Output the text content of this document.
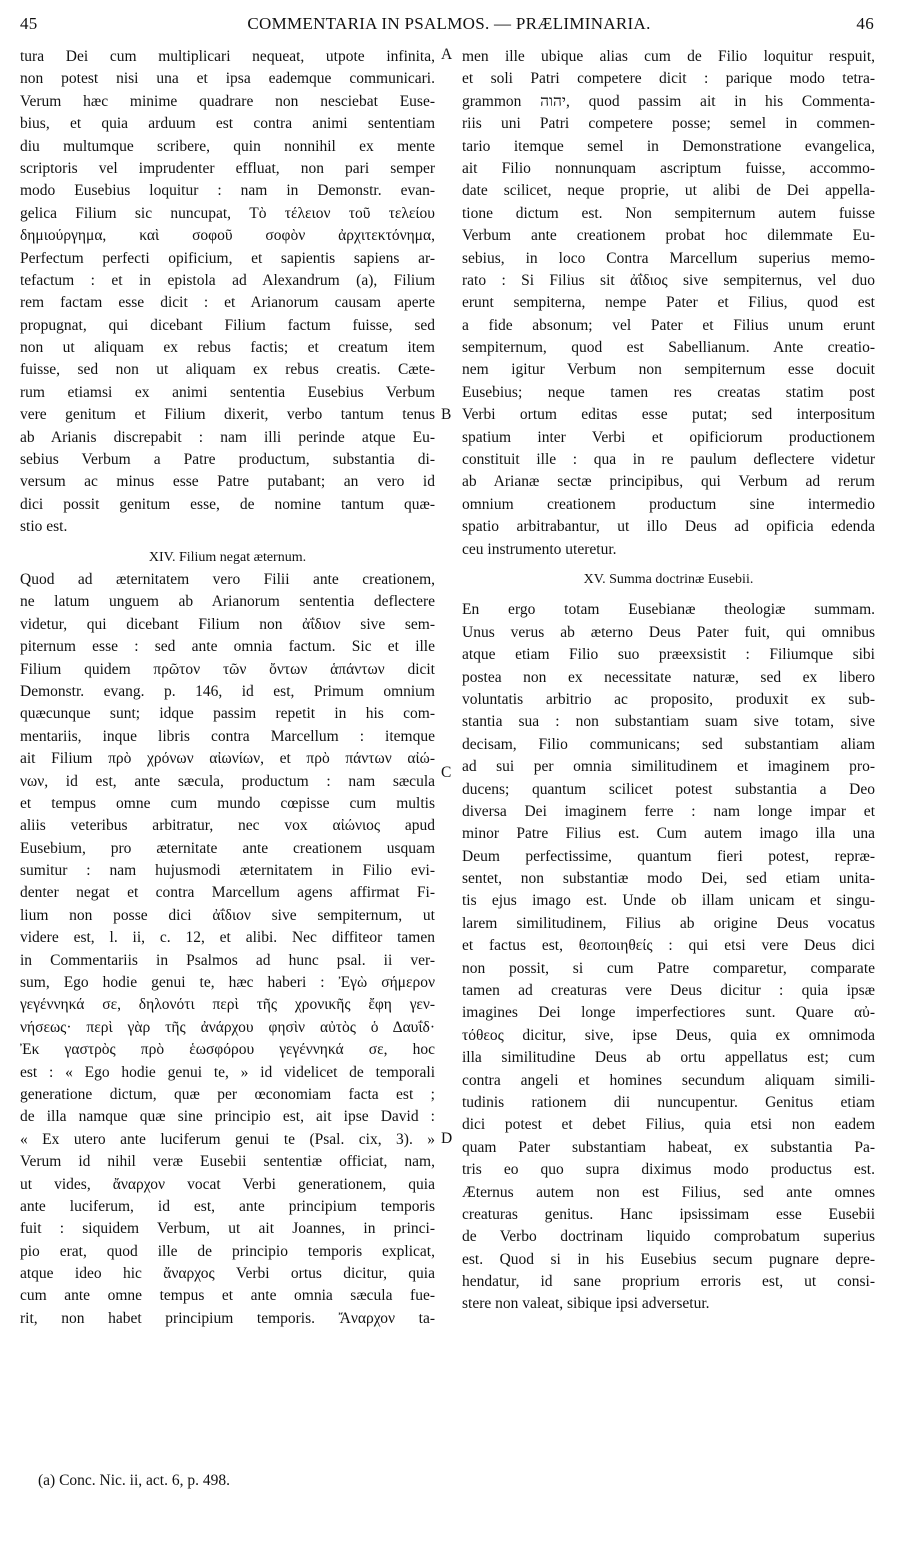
45	COMMENTARIA IN PSALMOS. — PRÆLIMINARIA.	46
tura Dei cum multiplicari nequeat, utpote infinita,
non potest nisi una et ipsa eademque communicari.
Verum hæc minime quadrare non nesciebat Euse-
bius, et quia arduum est contra animi sententiam
diu multumque scribere, quin nonnihil ex mente
scriptoris vel imprudenter effluat, non pari semper
modo Eusebius loquitur : nam in Demonstr. evan-
gelica Filium sic nuncupat, Τὸ τέλειον τοῦ τελείου
δημιούργημα, καὶ σοφοῦ σοφὸν ἀρχιτεκτόνημα,
Perfectum perfecti opificium, et sapientis sapiens ar-
tefactum : et in epistola ad Alexandrum (a), Filium
rem factam esse dicit : et Arianorum causam aperte
propugnat, qui dicebant Filium factum fuisse, sed
non ut aliquam ex rebus factis; et creatum item
fuisse, sed non ut aliquam ex rebus creatis. Cæte-
rum etiamsi ex animi sententia Eusebius Verbum
vere genitum et Filium dixerit, verbo tantum tenus
ab Arianis discrepabit : nam illi perinde atque Eu-
sebius Verbum a Patre productum, substantia di-
versum ac minus esse Patre putabant; an vero id
dici possit genitum esse, de nomine tantum quæ-
stio est.
XIV. Filium negat æternum.
Quod ad æternitatem vero Filii ante creationem,
ne latum unguem ab Arianorum sententia deflectere
videtur, qui dicebant Filium non ἀΐδιον sive sem-
piternum esse : sed ante omnia factum. Sic et ille
Filium quidem πρῶτον τῶν ὄντων ἁπάντων dicit
Demonstr. evang. p. 146, id est, Primum omnium
quæcunque sunt; idque passim repetit in his com-
mentariis, inque libris contra Marcellum : itemque
ait Filium πρὸ χρόνων αἰωνίων, et πρὸ πάντων αἰώ-
νων, id est, ante sæcula, productum : nam sæcula
et tempus omne cum mundo cœpisse cum multis
aliis veteribus arbitratur, nec vox αἰώνιος apud
Eusebium, pro æternitate ante creationem usquam
sumitur : nam hujusmodi æternitatem in Filio evi-
denter negat et contra Marcellum agens affirmat Fi-
lium non posse dici ἀΐδιον sive sempiternum, ut
videre est, l. ii, c. 12, et alibi. Nec diffiteor tamen
in Commentariis in Psalmos ad hunc psal. ii ver-
sum, Ego hodie genui te, hæc haberi : Ἐγὼ σήμερον
γεγέννηκά σε, δηλονότι περὶ τῆς χρονικῆς ἔφη γεν-
νήσεως· περὶ γὰρ τῆς ἀνάρχου φησὶν αὐτὸς ὁ Δαυΐδ·
Ἐκ γαστρὸς πρὸ ἑωσφόρου γεγέννηκά σε, hoc
est : « Ego hodie genui te, » id videlicet de temporali
generatione dictum, quæ per œconomiam facta est ;
de illa namque quæ sine principio est, ait ipse David :
« Ex utero ante luciferum genui te (Psal. cix, 3). »
Verum id nihil veræ Eusebii sententiæ officiat, nam,
ut vides, ἄναρχον vocat Verbi generationem, quia
ante luciferum, id est, ante principium temporis
fuit : siquidem Verbum, ut ait Joannes, in princi-
pio erat, quod ille de principio temporis explicat,
atque ideo hic ἄναρχος Verbi ortus dicitur, quia
cum ante omne tempus et ante omnia sæcula fue-
rit, non habet principium temporis. Ἄναρχον ta-
men ille ubique alias cum de Filio loquitur respuit,
et soli Patri competere dicit : parique modo tetra-
grammon יהוה, quod passim ait in his Commenta-
riis uni Patri competere posse; semel in commen-
tario itemque semel in Demonstratione evangelica,
ait Filio nonnunquam ascriptum fuisse, accommo-
date scilicet, neque proprie, ut alibi de Dei appella-
tione dictum est. Non sempiternum autem fuisse
Verbum ante creationem probat hoc dilemmate Eu-
sebius, in loco Contra Marcellum superius memo-
rato : Si Filius sit ἀΐδιος sive sempiternus, vel duo
erunt sempiterna, nempe Pater et Filius, quod est
a fide absonum; vel Pater et Filius unum erunt
sempiternum, quod est Sabellianum. Ante creatio-
nem igitur Verbum non sempiternum esse docuit
Eusebius; neque tamen res creatas statim post
Verbi ortum editas esse putat; sed interpositum
spatium inter Verbi et opificiorum productionem
constituit ille : qua in re paulum deflectere videtur
ab Arianæ sectæ principibus, qui Verbum ad rerum
omnium creationem productum sine intermedio
spatio arbitrabantur, ut illo Deus ad opificia edenda
ceu instrumento uteretur.
XV. Summa doctrinæ Eusebii.
En ergo totam Eusebianæ theologiæ summam.
Unus verus ab æterno Deus Pater fuit, qui omnibus
atque etiam Filio suo præexsistit : Filiumque sibi
postea non ex necessitate naturæ, sed ex libero
voluntatis arbitrio ac proposito, produxit ex sub-
stantia sua : non substantiam suam sive totam, sive
decisam, Filio communicans; sed substantiam aliam
ad sui per omnia similitudinem et imaginem pro-
ducens; quantum scilicet potest substantia a Deo
diversa Dei imaginem ferre : nam longe impar et
minor Patre Filius est. Cum autem imago illa una
Deum perfectissime, quantum fieri potest, repræ-
sentet, non substantiæ modo Dei, sed etiam unita-
tis ejus imago est. Unde ob illam unicam et singu-
larem similitudinem, Filius ab origine Deus vocatus
et factus est, θεοποιηθείς : qui etsi vere Deus dici
non possit, si cum Patre comparetur, comparate
tamen ad creaturas vere Deus dicitur : quia ipsæ
imagines Dei longe imperfectiores sunt. Quare αὐ-
τόθεος dicitur, sive, ipse Deus, quia ex omnimoda
illa similitudine Deus ab ortu appellatus est; cum
contra angeli et homines secundum aliquam simili-
tudinis rationem dii nuncupentur. Genitus etiam
dici potest et debet Filius, quia etsi non eadem
quam Pater substantiam habeat, ex substantia Pa-
tris eo quo supra diximus modo productus est.
Æternus autem non est Filius, sed ante omnes
creaturas genitus. Hanc ipsissimam esse Eusebii
de Verbo doctrinam liquido comprobatum superius
est. Quod si in his Eusebius secum pugnare depre-
hendatur, id sane proprium erroris est, ut consi-
stere non valeat, sibique ipsi adversetur.
A
B
C
D
(a) Conc. Nic. ii, act. 6, p. 498.
